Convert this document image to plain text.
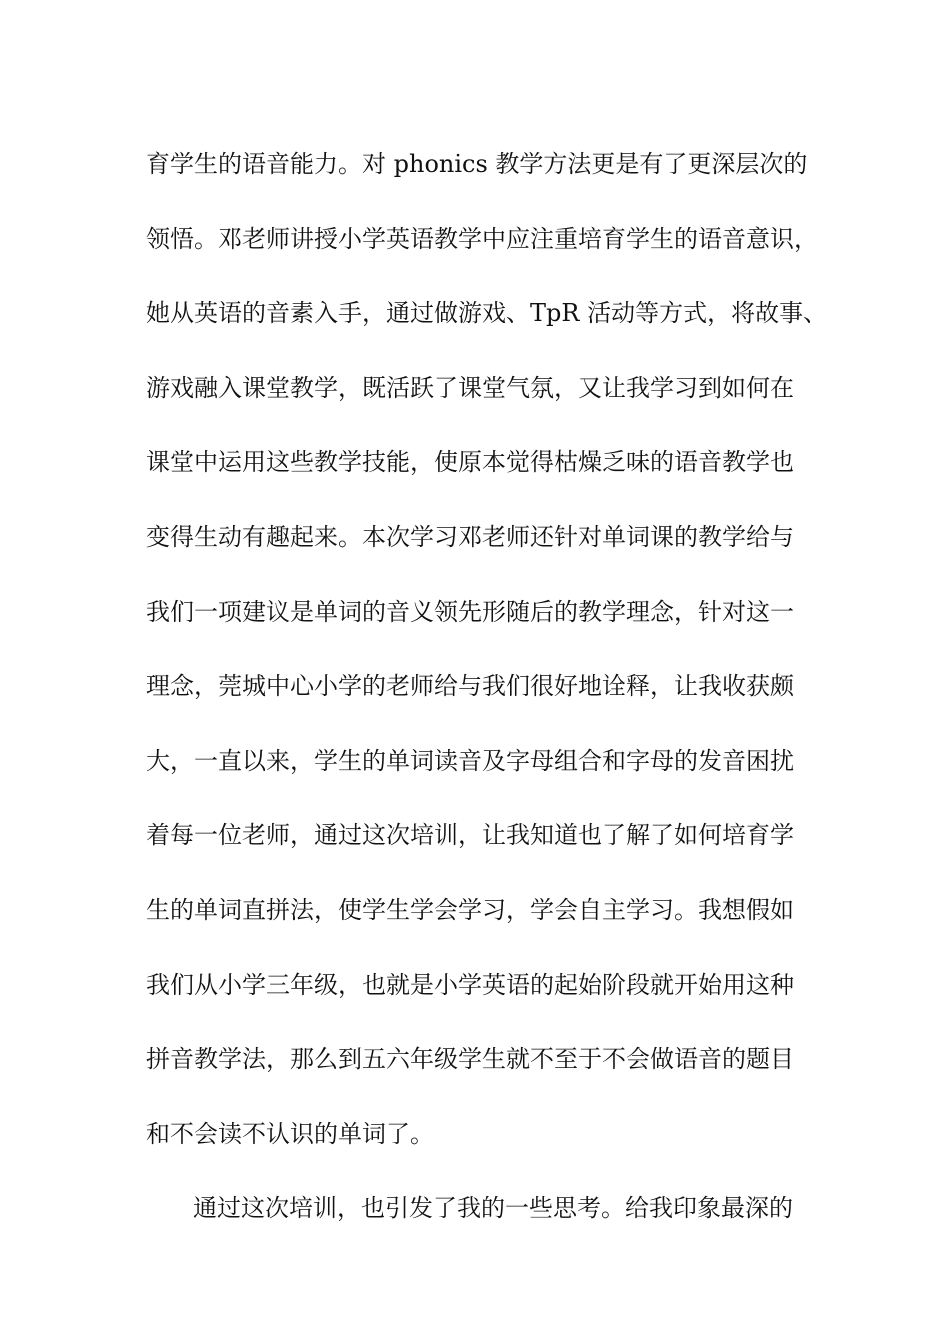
育学生的语音能力。对 phonics 教学方法更是有了更深层次的
领悟。邓老师讲授小学英语教学中应注重培育学生的语音意识，
她从英语的音素入手，通过做游戏、TpR 活动等方式，将故事、
游戏融入课堂教学，既活跃了课堂气氛，又让我学习到如何在
课堂中运用这些教学技能，使原本觉得枯燥乏味的语音教学也
变得生动有趣起来。本次学习邓老师还针对单词课的教学给与
我们一项建议是单词的音义领先形随后的教学理念，针对这一
理念，莞城中心小学的老师给与我们很好地诠释，让我收获颇
大，一直以来，学生的单词读音及字母组合和字母的发音困扰
着每一位老师，通过这次培训，让我知道也了解了如何培育学
生的单词直拼法，使学生学会学习，学会自主学习。我想假如
我们从小学三年级，也就是小学英语的起始阶段就开始用这种
拼音教学法，那么到五六年级学生就不至于不会做语音的题目
和不会读不认识的单词了。
通过这次培训，也引发了我的一些思考。给我印象最深的
